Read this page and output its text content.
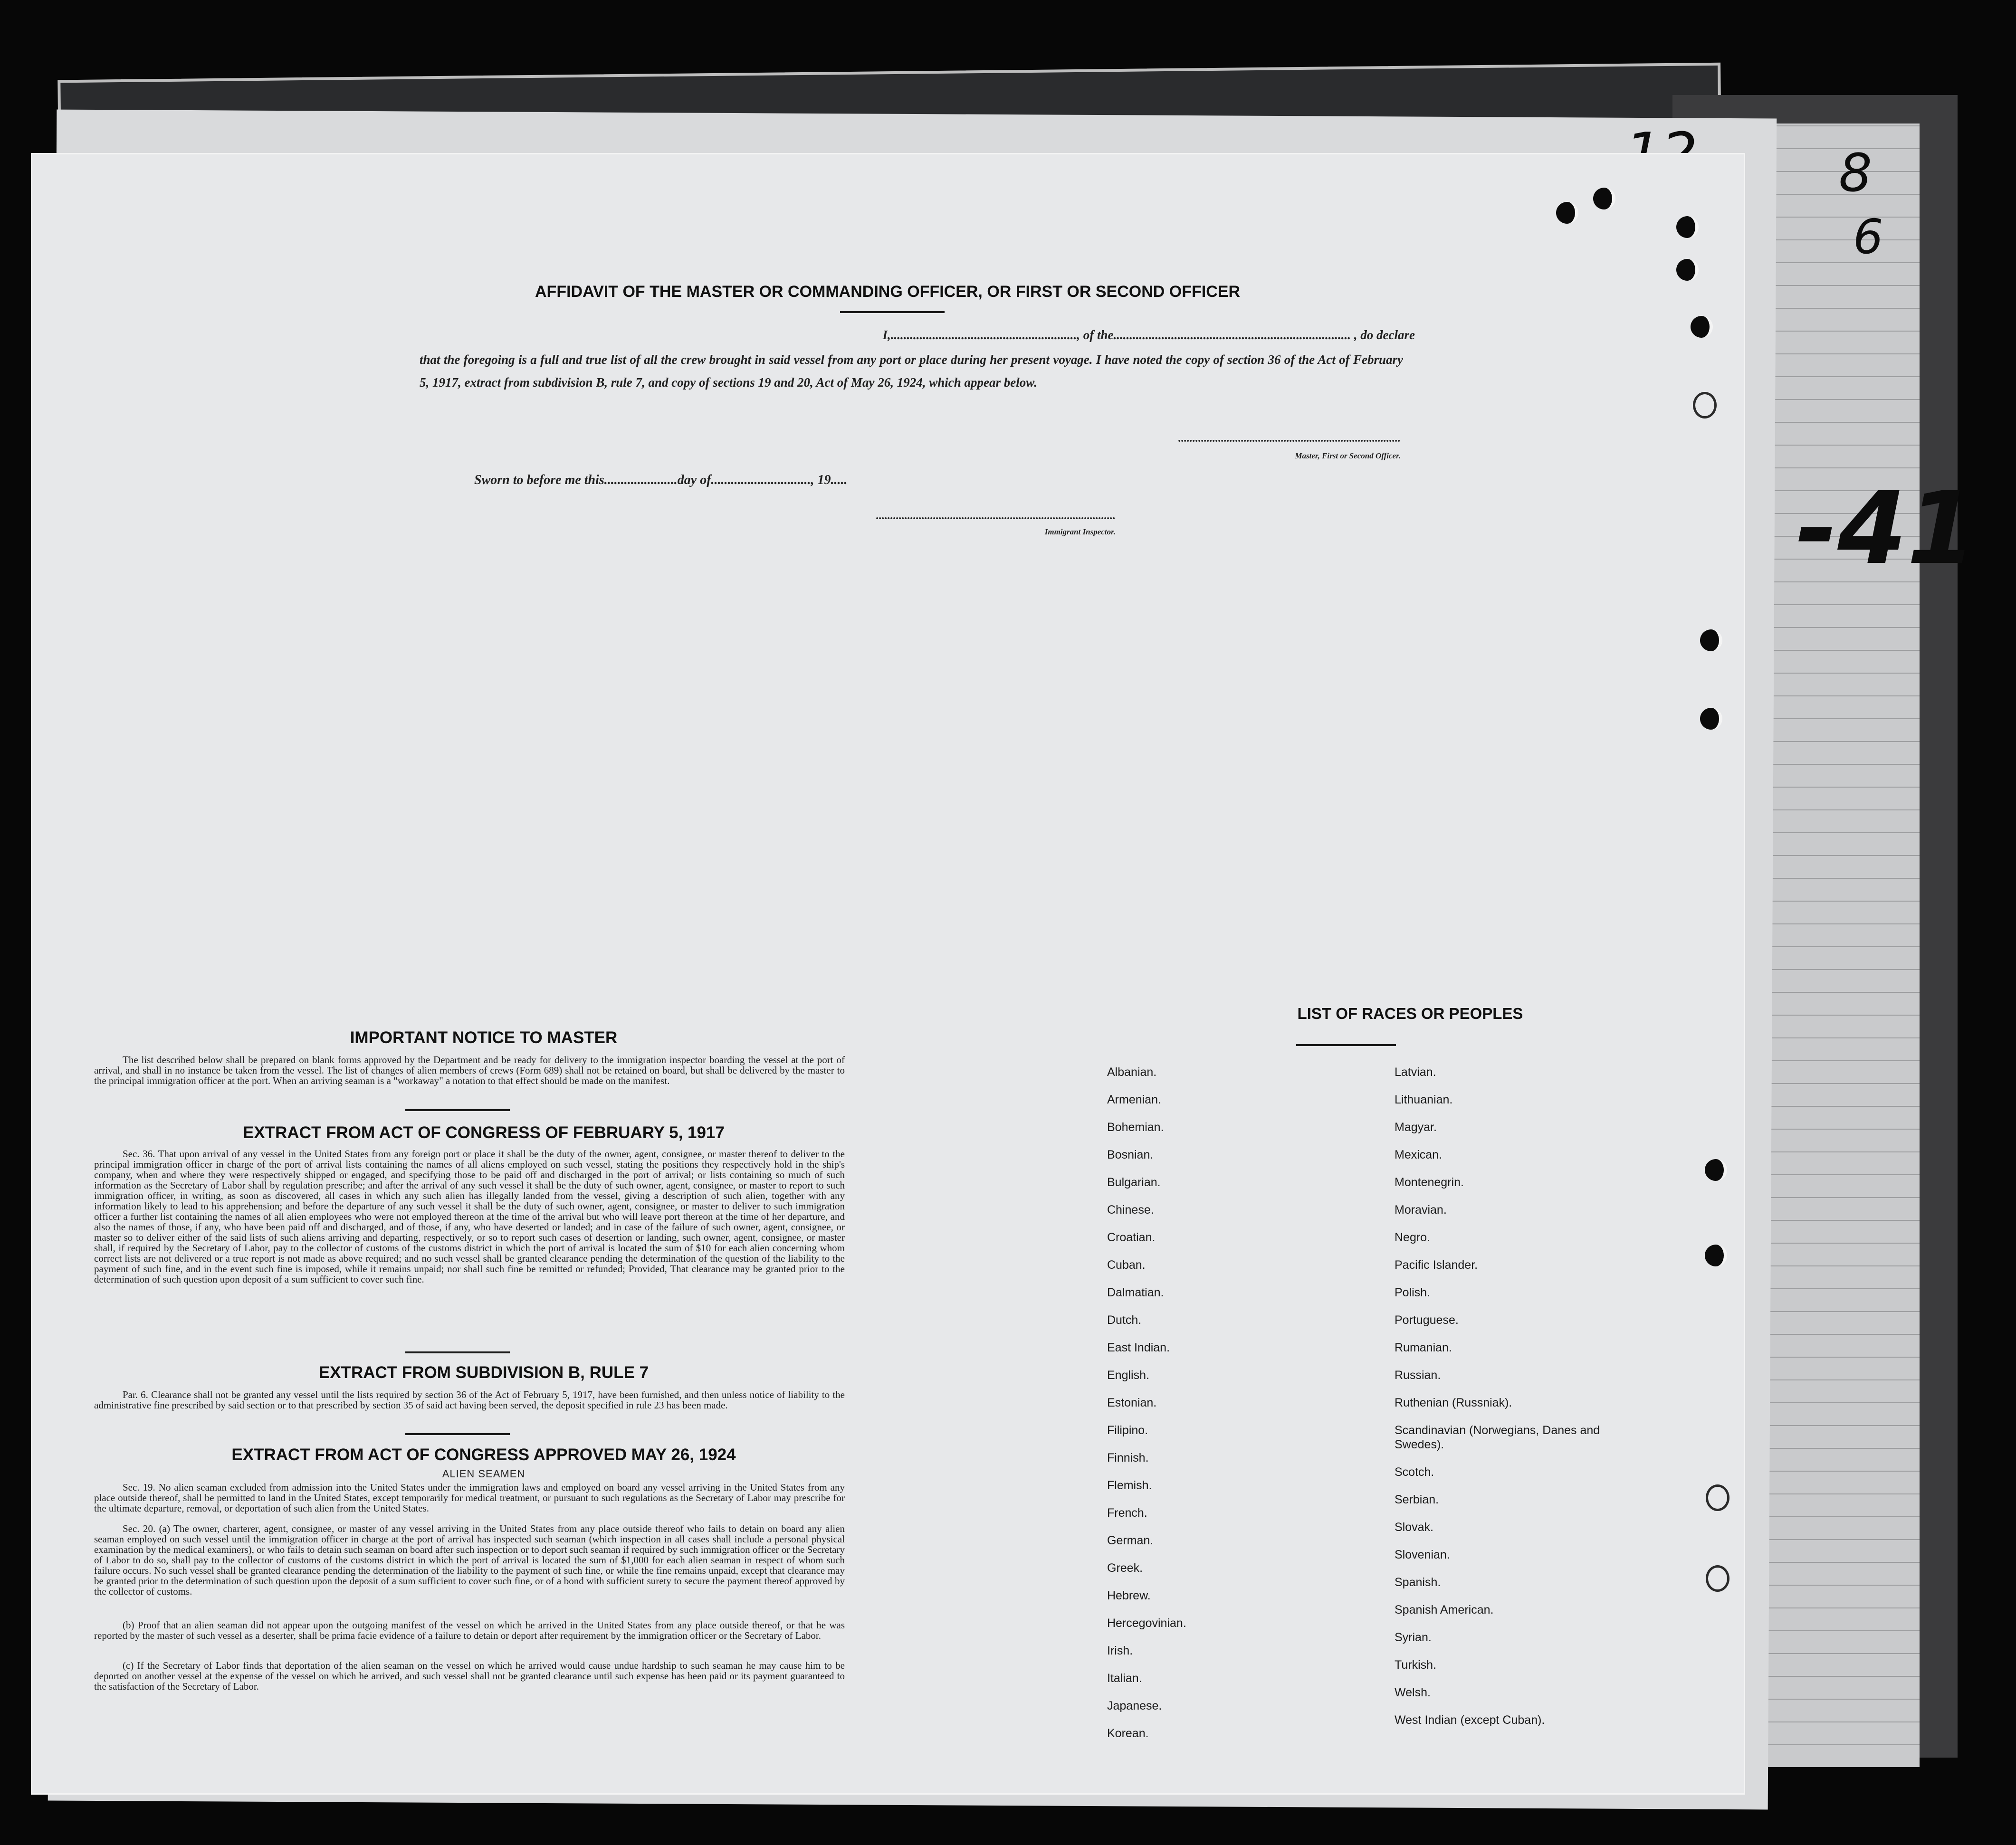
8
6
-41
AFFIDAVIT OF THE MASTER OR COMMANDING OFFICER, OR FIRST OR SECOND OFFICER
I,.........................................................., of the.......................................................................... , do declare
that the foregoing is a full and true list of all the crew brought in said vessel from any port or place during her present voyage. I have noted the copy of section 36 of the Act of February 5, 1917, extract from subdivision B, rule 7, and copy of sections 19 and 20, Act of May 26, 1924, which appear below.
..............................................................................
Master, First or Second Officer.
Sworn to before me this......................day of.............................., 19.....
....................................................................................
Immigrant Inspector.
IMPORTANT NOTICE TO MASTER

The list described below shall be prepared on blank forms approved by the Department and be ready for delivery to the immigration inspector boarding the vessel at the port of arrival, and shall in no instance be taken from the vessel. The list of changes of alien members of crews (Form 689) shall not be retained on board, but shall be delivered by the master to the principal immigration officer at the port. When an arriving seaman is a "workaway" a notation to that effect should be made on the manifest.

EXTRACT FROM ACT OF CONGRESS OF FEBRUARY 5, 1917

Sec. 36. That upon arrival of any vessel in the United States from any foreign port or place it shall be the duty of the owner, agent, consignee, or master thereof to deliver to the principal immigration officer in charge of the port of arrival lists containing the names of all aliens employed on such vessel, stating the positions they respectively hold in the ship's company, when and where they were respectively shipped or engaged, and specifying those to be paid off and discharged in the port of arrival; or lists containing so much of such information as the Secretary of Labor shall by regulation prescribe; and after the arrival of any such vessel it shall be the duty of such owner, agent, consignee, or master to report to such immigration officer, in writing, as soon as discovered, all cases in which any such alien has illegally landed from the vessel, giving a description of such alien, together with any information likely to lead to his apprehension; and before the departure of any such vessel it shall be the duty of such owner, agent, consignee, or master to deliver to such immigration officer a further list containing the names of all alien employees who were not employed thereon at the time of the arrival but who will leave port thereon at the time of her departure, and also the names of those, if any, who have been paid off and discharged, and of those, if any, who have deserted or landed; and in case of the failure of such owner, agent, consignee, or master so to deliver either of the said lists of such aliens arriving and departing, respectively, or so to report such cases of desertion or landing, such owner, agent, consignee, or master shall, if required by the Secretary of Labor, pay to the collector of customs of the customs district in which the port of arrival is located the sum of $10 for each alien concerning whom correct lists are not delivered or a true report is not made as above required; and no such vessel shall be granted clearance pending the determination of the question of the liability to the payment of such fine, and in the event such fine is imposed, while it remains unpaid; nor shall such fine be remitted or refunded; Provided, That clearance may be granted prior to the determination of such question upon deposit of a sum sufficient to cover such fine.

EXTRACT FROM SUBDIVISION B, RULE 7

Par. 6. Clearance shall not be granted any vessel until the lists required by section 36 of the Act of February 5, 1917, have been furnished, and then unless notice of liability to the administrative fine prescribed by said section or to that prescribed by section 35 of said act having been served, the deposit specified in rule 23 has been made.

EXTRACT FROM ACT OF CONGRESS APPROVED MAY 26, 1924
ALIEN SEAMEN

Sec. 19. No alien seaman excluded from admission into the United States under the immigration laws and employed on board any vessel arriving in the United States from any place outside thereof, shall be permitted to land in the United States, except temporarily for medical treatment, or pursuant to such regulations as the Secretary of Labor may prescribe for the ultimate departure, removal, or deportation of such alien from the United States.

Sec. 20. (a) The owner, charterer, agent, consignee, or master of any vessel arriving in the United States from any place outside thereof who fails to detain on board any alien seaman employed on such vessel until the immigration officer in charge at the port of arrival has inspected such seaman (which inspection in all cases shall include a personal physical examination by the medical examiners), or who fails to detain such seaman on board after such inspection or to deport such seaman if required by such immigration officer or the Secretary of Labor to do so, shall pay to the collector of customs of the customs district in which the port of arrival is located the sum of $1,000 for each alien seaman in respect of whom such failure occurs. No such vessel shall be granted clearance pending the determination of the liability to the payment of such fine, or while the fine remains unpaid, except that clearance may be granted prior to the determination of such question upon the deposit of a sum sufficient to cover such fine, or of a bond with sufficient surety to secure the payment thereof approved by the collector of customs.

(b) Proof that an alien seaman did not appear upon the outgoing manifest of the vessel on which he arrived in the United States from any place outside thereof, or that he was reported by the master of such vessel as a deserter, shall be prima facie evidence of a failure to detain or deport after requirement by the immigration officer or the Secretary of Labor.

(c) If the Secretary of Labor finds that deportation of the alien seaman on the vessel on which he arrived would cause undue hardship to such seaman he may cause him to be deported on another vessel at the expense of the vessel on which he arrived, and such vessel shall not be granted clearance until such expense has been paid or its payment guaranteed to the satisfaction of the Secretary of Labor.

LIST OF RACES OR PEOPLES
Albanian.
Armenian.
Bohemian.
Bosnian.
Bulgarian.
Chinese.
Croatian.
Cuban.
Dalmatian.
Dutch.
East Indian.
English.
Estonian.
Filipino.
Finnish.
Flemish.
French.
German.
Greek.
Hebrew.
Hercegovinian.
Irish.
Italian.
Japanese.
Korean.
Latvian.
Lithuanian.
Magyar.
Mexican.
Montenegrin.
Moravian.
Negro.
Pacific Islander.
Polish.
Portuguese.
Rumanian.
Russian.
Ruthenian (Russniak).
Scandinavian (Norwegians, Danes and Swedes).
Scotch.
Serbian.
Slovak.
Slovenian.
Spanish.
Spanish American.
Syrian.
Turkish.
Welsh.
West Indian (except Cuban).
